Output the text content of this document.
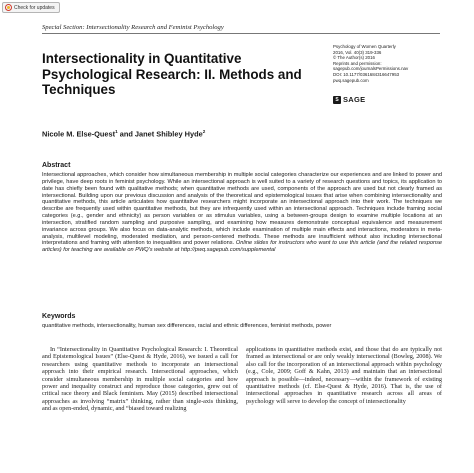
Check for updates
Special Section: Intersectionality Research and Feminist Psychology
Intersectionality in Quantitative Psychological Research: II. Methods and Techniques
Psychology of Women Quarterly
2016, Vol. 40(3) 319-336
© The Author(s) 2016
Reprints and permission:
sagepub.com/journalsPermissions.nav
DOI: 10.1177/0361684316647953
pwq.sagepub.com
S SAGE
Nicole M. Else-Quest$^1$ and Janet Shibley Hyde$^2$
Abstract
Intersectional approaches, which consider how simultaneous membership in multiple social categories characterize our experiences and are linked to power and privilege, have deep roots in feminist psychology. While an intersectional approach is well suited to a variety of research questions and topics, its application to date has chiefly been found with qualitative methods; when quantitative methods are used, components of the approach are used but not clearly framed as intersectional. Building upon our previous discussion and analysis of the theoretical and epistemological issues that arise when combining intersectionality and quantitative methods, this article articulates how quantitative researchers might incorporate an intersectional approach into their work. The techniques we describe are frequently used within quantitative methods, but they are infrequently used within an intersectional approach. Techniques include framing social categories (e.g., gender and ethnicity) as person variables or as stimulus variables, using a between-groups design to examine multiple locations at an intersection, stratified random sampling and purposive sampling, and examining how measures demonstrate conceptual equivalence and measurement invariance across groups. We also focus on data-analytic methods, which include examination of multiple main effects and interactions, moderators in meta-analysis, multilevel modeling, moderated mediation, and person-centered methods. These methods are insufficient without also including intersectional interpretations and framing with attention to inequalities and power relations. Online slides for instructors who want to use this article (and the related response articles) for teaching are available on PWQ's website at http://pwq.sagepub.com/supplemental
Keywords
quantitative methods, intersectionality, human sex differences, racial and ethnic differences, feminist methods, power

In “Intersectionality in Quantitative Psychological Research: I. Theoretical and Epistemological Issues” (Else-Quest & Hyde, 2016), we issued a call for researchers using quantitative methods to incorporate an intersectional approach into their empirical research. Intersectional approaches, which consider simultaneous membership in multiple social categories and how power and inequality construct and reproduce those categories, grew out of critical race theory and Black feminism. May (2015) described intersectional approaches as involving “matrix” thinking, rather than single-axis thinking, and as open-ended, dynamic, and “biased toward realizing

applications in quantitative methods exist, and those that do are typically not framed as intersectional or are only weakly intersectional (Bowleg, 2008). We also call for the incorporation of an intersectional approach within psychology (e.g., Cole, 2009; Goff & Kahn, 2013) and maintain that an intersectional approach is possible—indeed, necessary—within the framework of existing quantitative methods (cf. Else-Quest & Hyde, 2016). That is, the use of intersectional approaches in quantitative research across all areas of psychology will serve to develop the concept of intersectionality
